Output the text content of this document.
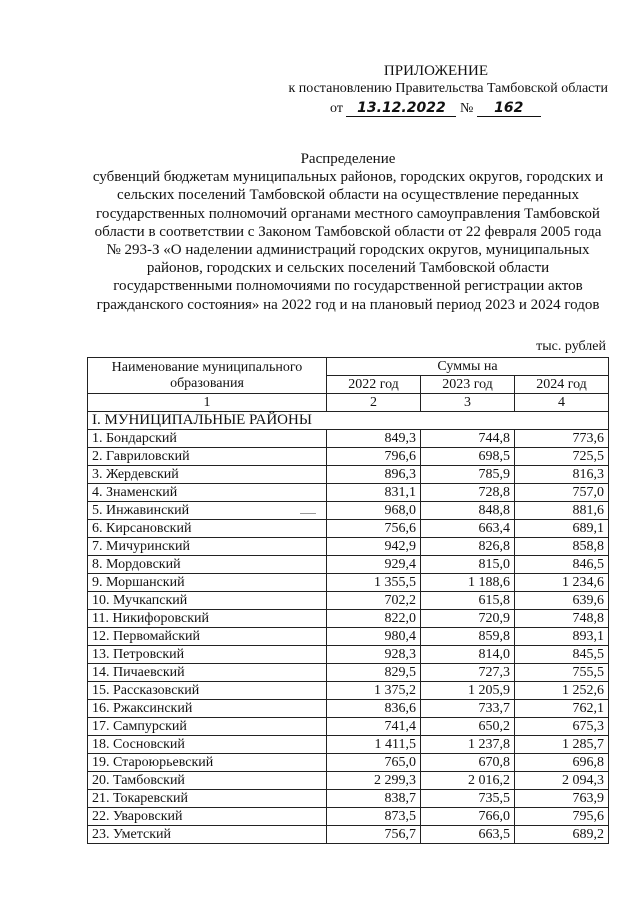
ПРИЛОЖЕНИЕ
к постановлению Правительства Тамбовской области
от 13.12.2022 № 162
Распределение
субвенций бюджетам муниципальных районов, городских округов, городских и сельских поселений Тамбовской области на осуществление переданных государственных полномочий органами местного самоуправления Тамбовской области в соответствии с Законом Тамбовской области от 22 февраля 2005 года № 293-З «О наделении администраций городских округов, муниципальных районов, городских и сельских поселений Тамбовской области государственными полномочиями по государственной регистрации актов гражданского состояния» на 2022 год и на плановый период 2023 и 2024 годов
тыс. рублей
Наименование муниципального образования	Суммы на		
	2022 год	2023 год	2024 год
1	2	3	4
I. МУНИЦИПАЛЬНЫЕ РАЙОНЫ			
1. Бондарский	849,3	744,8	773,6
2. Гавриловский	796,6	698,5	725,5
3. Жердевский	896,3	785,9	816,3
4. Знаменский	831,1	728,8	757,0
5. Инжавинский	968,0	848,8	881,6
6. Кирсановский	756,6	663,4	689,1
7. Мичуринский	942,9	826,8	858,8
8. Мордовский	929,4	815,0	846,5
9. Моршанский	1 355,5	1 188,6	1 234,6
10. Мучкапский	702,2	615,8	639,6
11. Никифоровский	822,0	720,9	748,8
12. Первомайский	980,4	859,8	893,1
13. Петровский	928,3	814,0	845,5
14. Пичаевский	829,5	727,3	755,5
15. Рассказовский	1 375,2	1 205,9	1 252,6
16. Ржаксинский	836,6	733,7	762,1
17. Сампурский	741,4	650,2	675,3
18. Сосновский	1 411,5	1 237,8	1 285,7
19. Староюрьевский	765,0	670,8	696,8
20. Тамбовский	2 299,3	2 016,2	2 094,3
21. Токаревский	838,7	735,5	763,9
22. Уваровский	873,5	766,0	795,6
23. Уметский	756,7	663,5	689,2
